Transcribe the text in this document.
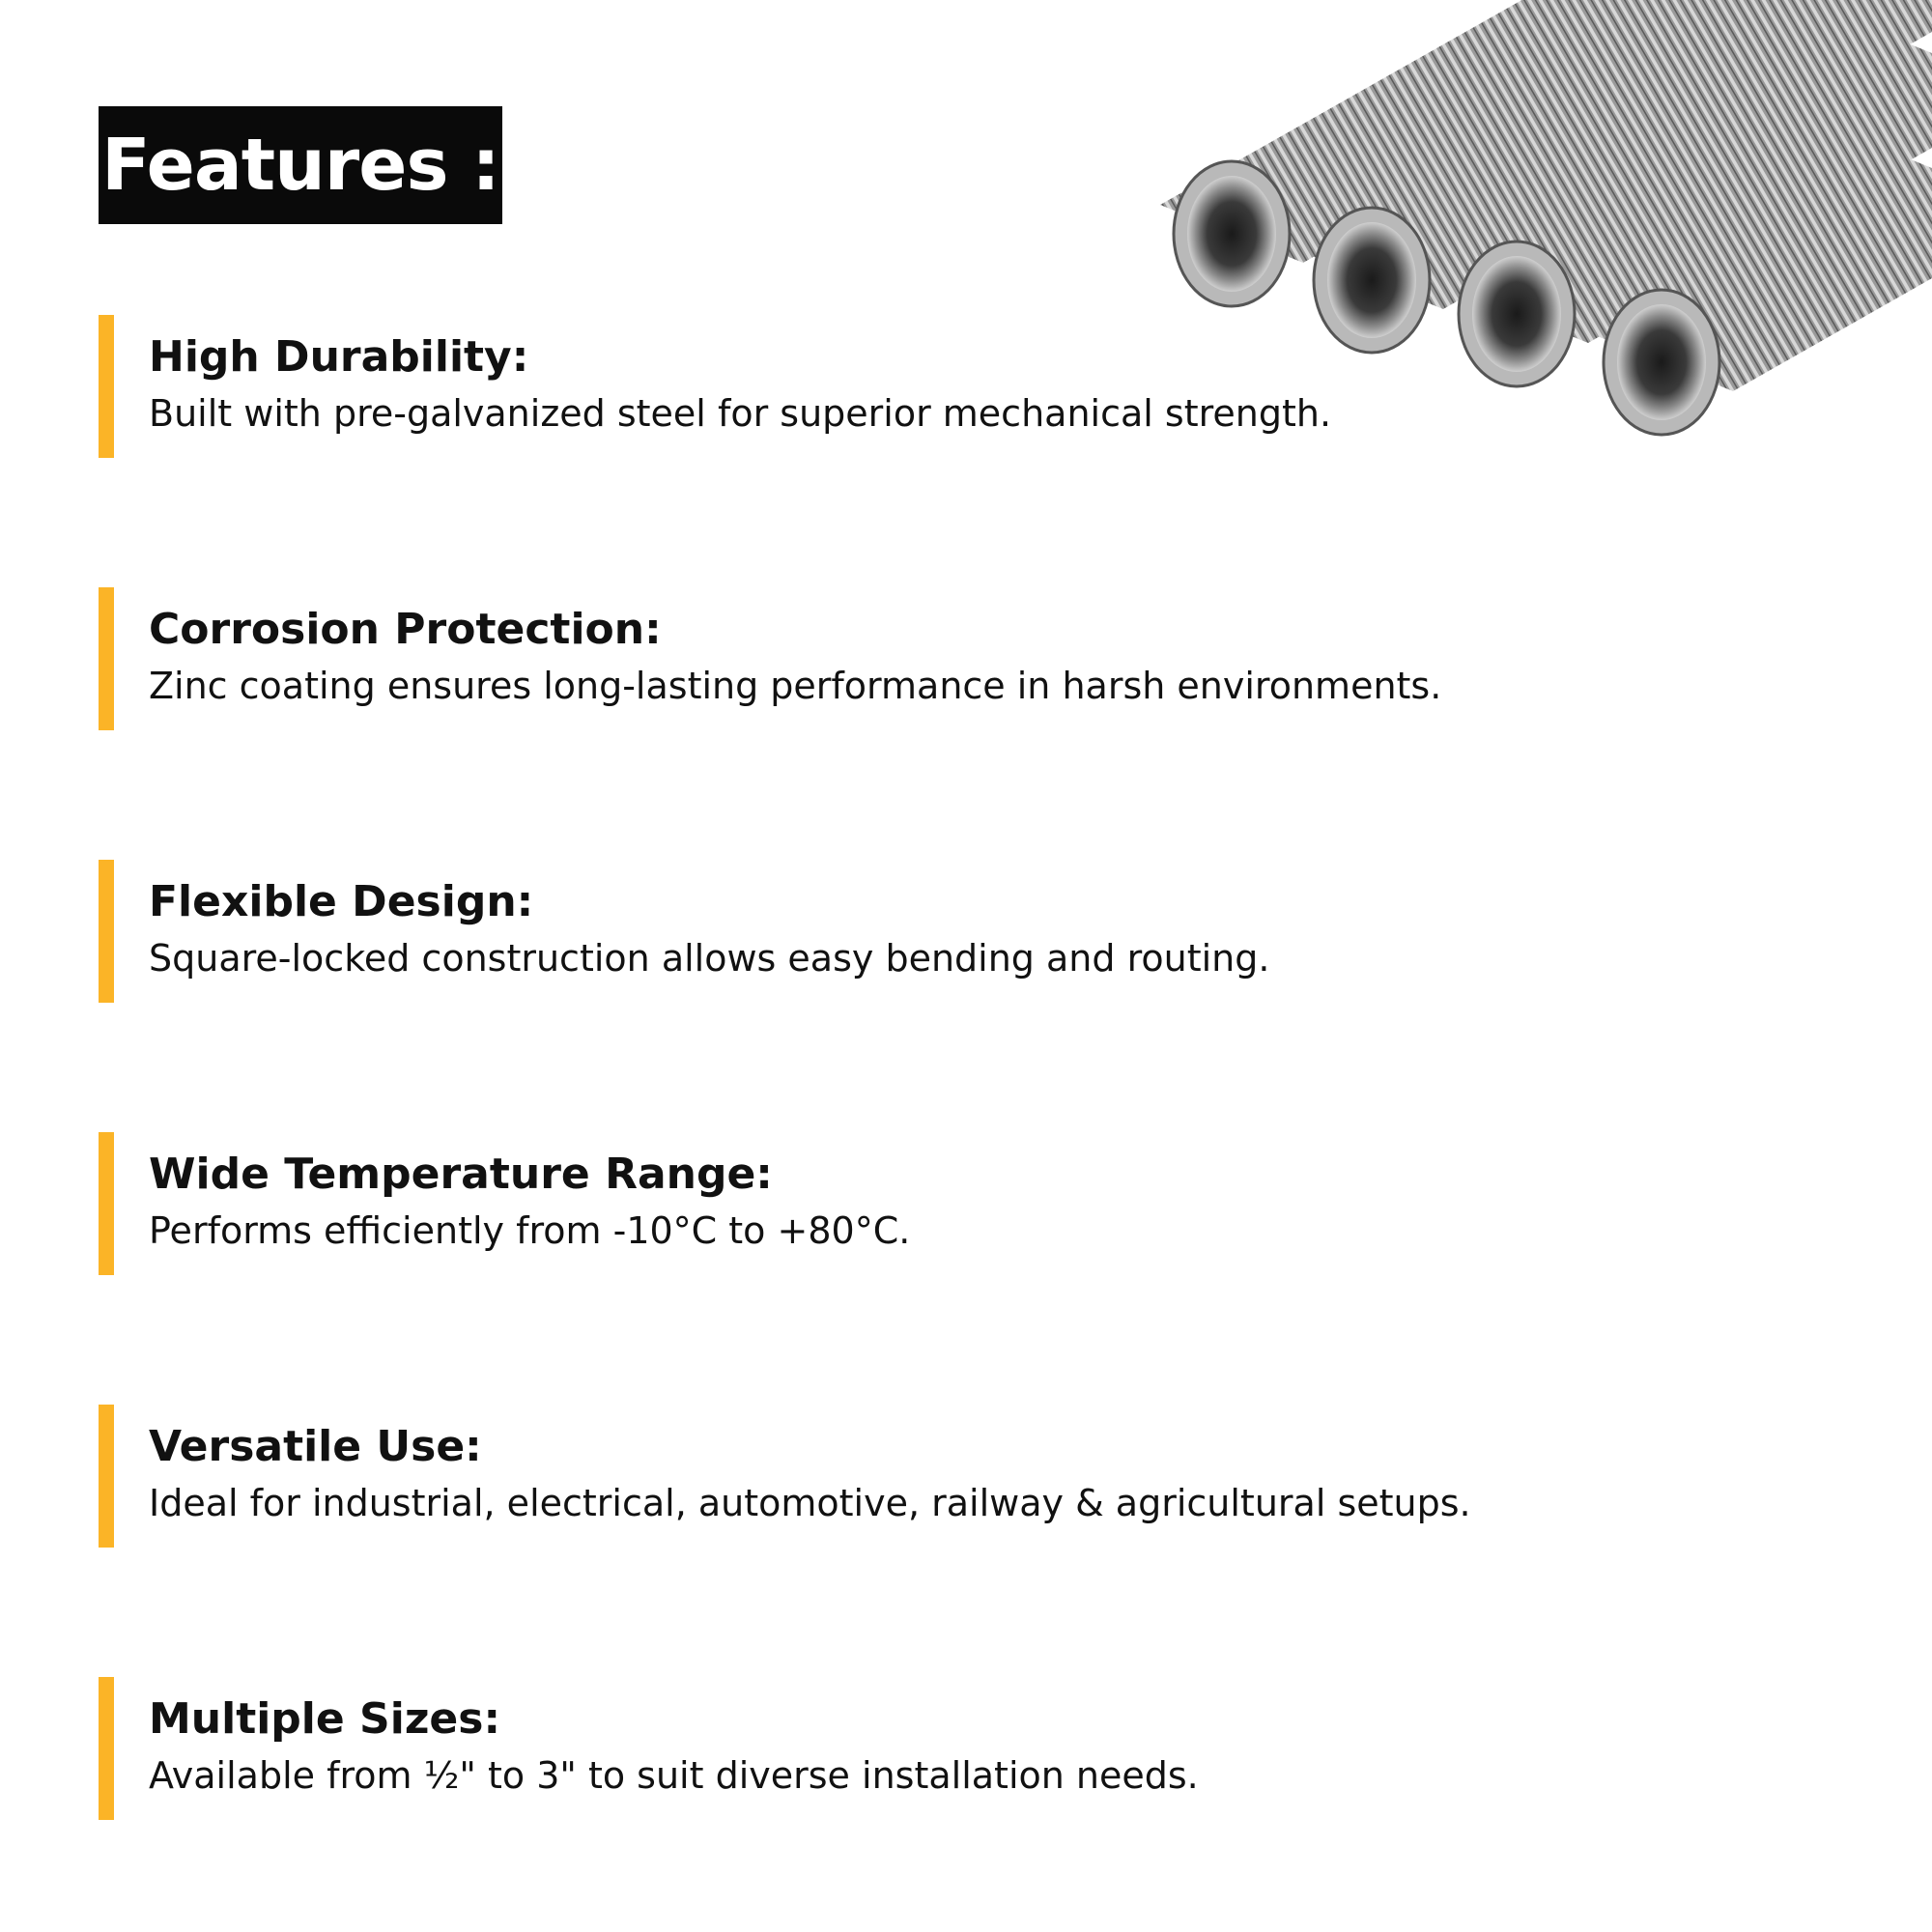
Features :
High Durability:
Built with pre-galvanized steel for superior mechanical strength.
Corrosion Protection:
Zinc coating ensures long-lasting performance in harsh environments.
Flexible Design:
Square-locked construction allows easy bending and routing.
Wide Temperature Range:
Performs efficiently from -10°C to +80°C.
Versatile Use:
Ideal for industrial, electrical, automotive, railway & agricultural setups.
Multiple Sizes:
Available from ½" to 3" to suit diverse installation needs.
